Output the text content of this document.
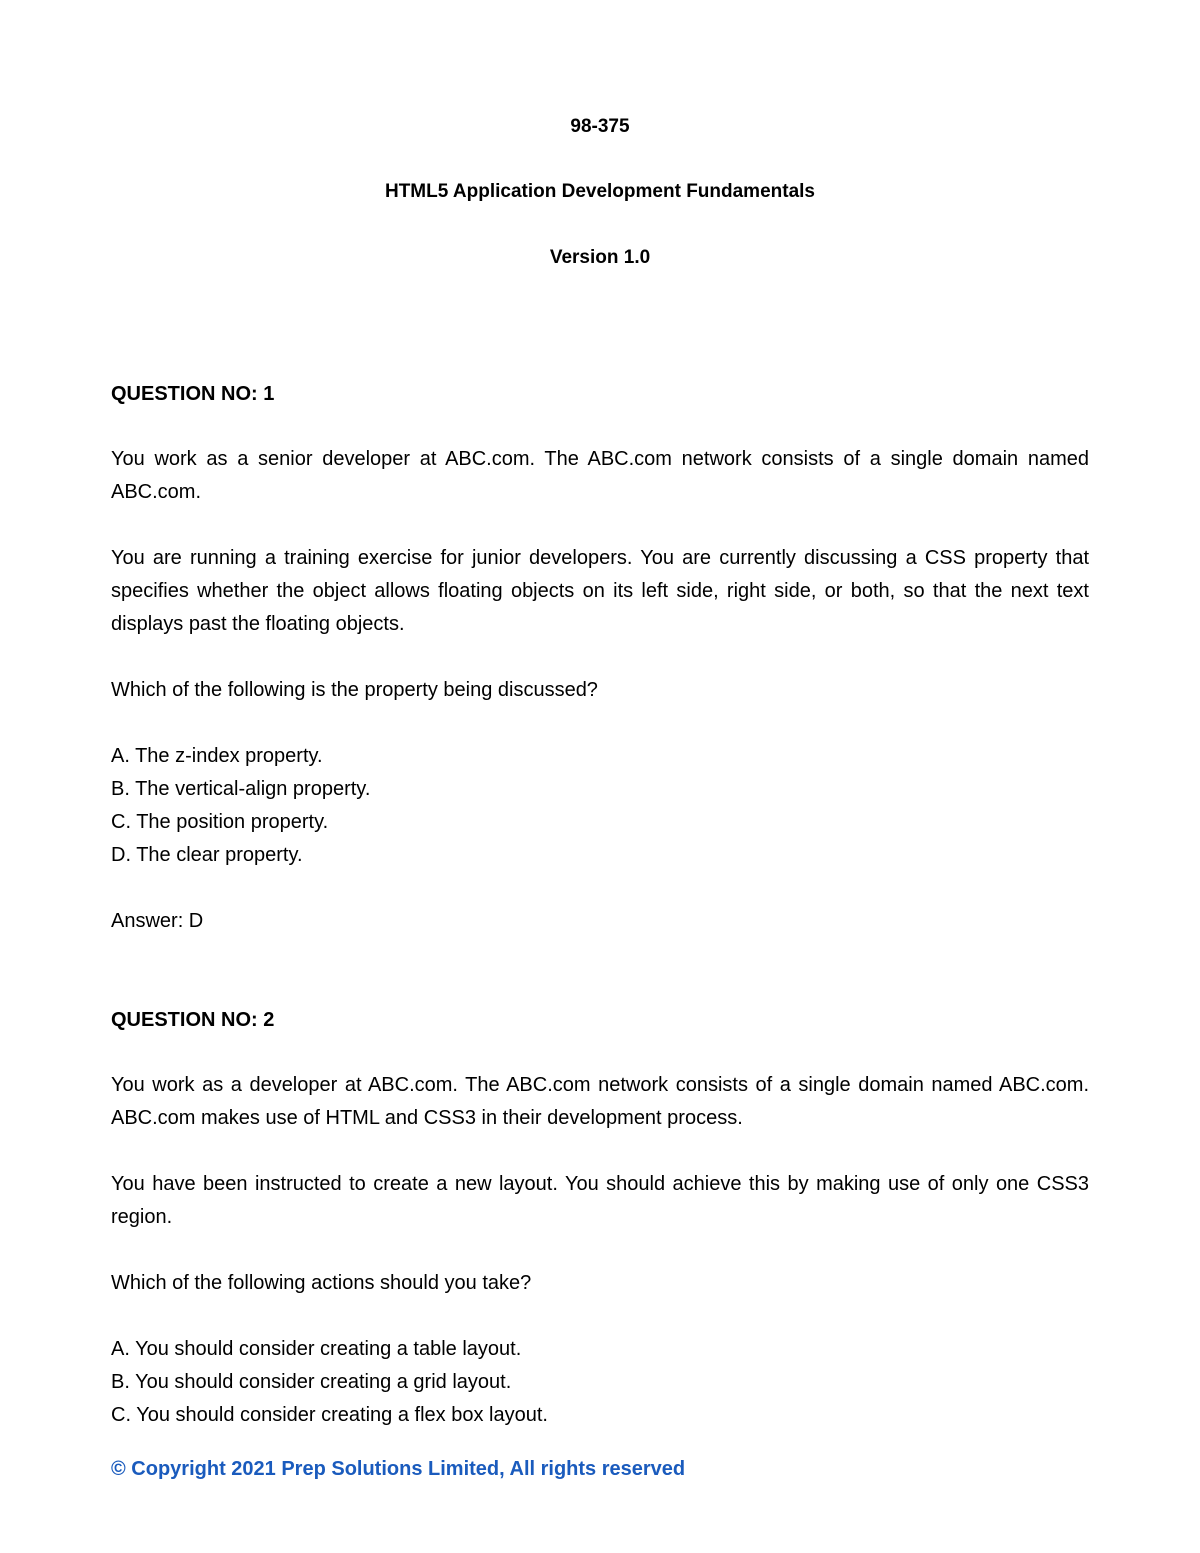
98-375
HTML5 Application Development Fundamentals
Version 1.0

QUESTION NO: 1

You work as a senior developer at ABC.com. The ABC.com network consists of a single domain named ABC.com.

You are running a training exercise for junior developers. You are currently discussing a CSS property that specifies whether the object allows floating objects on its left side, right side, or both, so that the next text displays past the floating objects.

Which of the following is the property being discussed?

A. The z-index property.

B. The vertical-align property.

C. The position property.

D. The clear property.

Answer: D

QUESTION NO: 2

You work as a developer at ABC.com. The ABC.com network consists of a single domain named ABC.com. ABC.com makes use of HTML and CSS3 in their development process.

You have been instructed to create a new layout. You should achieve this by making use of only one CSS3 region.

Which of the following actions should you take?

A. You should consider creating a table layout.

B. You should consider creating a grid layout.

C. You should consider creating a flex box layout.

© Copyright 2021 Prep Solutions Limited, All rights reserved
